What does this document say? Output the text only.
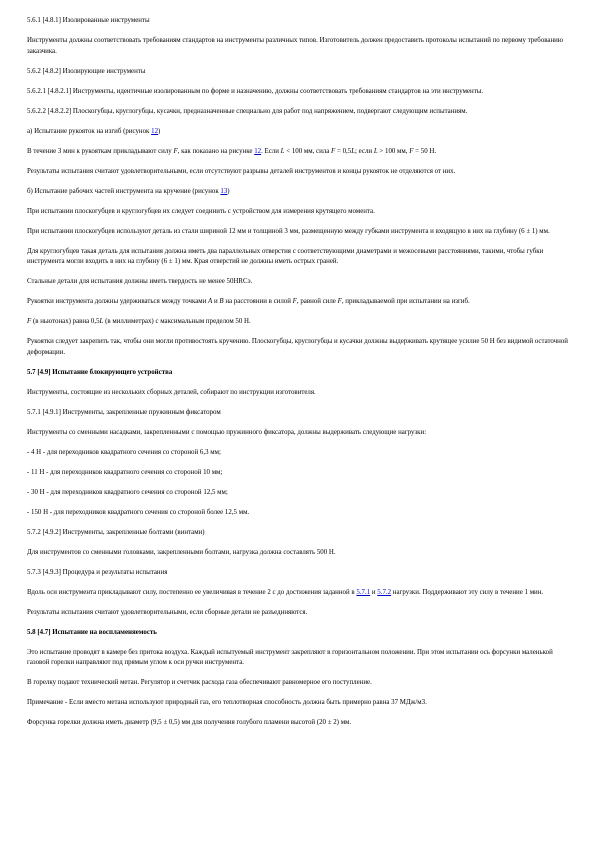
5.6.1 [4.8.1] Изолированные инструменты
Инструменты должны соответствовать требованиям стандартов на инструменты различных типов. Изготовитель должен предоставить протоколы испытаний по первому требованию заказчика.
5.6.2 [4.8.2] Изолирующие инструменты
5.6.2.1 [4.8.2.1] Инструменты, идентичные изолированным по форме и назначению, должны соответствовать требованиям стандартов на эти инструменты.
5.6.2.2 [4.8.2.2] Плоскогубцы, круглогубцы, кусачки, предназначенные специально для работ под напряжением, подвергают следующим испытаниям.
а) Испытание рукояток на изгиб (рисунок 12)
В течение 3 мин к рукояткам прикладывают силу F, как показано на рисунке 12. Если L < 100 мм, сила F = 0,5L; если L > 100 мм, F = 50 Н.
Результаты испытания считают удовлетворительными, если отсутствуют разрывы деталей инструментов и концы рукояток не отделяются от них.
б) Испытание рабочих частей инструмента на кручение (рисунок 13)
При испытании плоскогубцев и круглогубцев их следует соединить с устройством для измерения крутящего момента.
При испытании плоскогубцев используют деталь из стали шириной 12 мм и толщиной 3 мм, размещенную между губками инструмента и входящую в них на глубину (6 ± 1) мм.
Для круглогубцев такая деталь для испытания должна иметь два параллельных отверстия с соответствующими диаметрами и межосевыми расстояниями, такими, чтобы губки инструмента могли входить в них на глубину (6 ± 1) мм. Края отверстий не должны иметь острых граней.
Стальные детали для испытания должны иметь твердость не менее 50HRCэ.
Рукоятки инструмента должны удерживаться между точками A и B на расстоянии в силой F, равной силе F, прикладываемой при испытании на изгиб.
F (в ньютонах) равна 0,5L (в миллиметрах) с максимальным пределом 50 Н.
Рукоятки следует закрепить так, чтобы они могли противостоять кручению. Плоскогубцы, круглогубцы и кусачки должны выдерживать крутящее усилие 50 Н без видимой остаточной деформации.
5.7 [4.9] Испытание блокирующего устройства
Инструменты, состоящие из нескольких сборных деталей, собирают по инструкции изготовителя.
5.7.1 [4.9.1] Инструменты, закрепленные пружинным фиксатором
Инструменты со сменными насадками, закрепленными с помощью пружинного фиксатора, должны выдерживать следующие нагрузки:
- 4 Н - для переходников квадратного сечения со стороной 6,3 мм;
- 11 Н - для переходников квадратного сечения со стороной 10 мм;
- 30 Н - для переходников квадратного сечения со стороной 12,5 мм;
- 150 Н - для переходников квадратного сечения со стороной более 12,5 мм.
5.7.2 [4.9.2] Инструменты, закрепленные болтами (винтами)
Для инструментов со сменными головками, закрепленными болтами, нагрузка должна составлять 500 Н.
5.7.3 [4.9.3] Процедура и результаты испытания
Вдоль оси инструмента прикладывают силу, постепенно ее увеличивая в течение 2 с до достижения заданной в 5.7.1 и 5.7.2 нагрузки. Поддерживают эту силу в течение 1 мин.
Результаты испытания считают удовлетворительными, если сборные детали не разъединяются.
5.8 [4.7] Испытание на воспламеняемость
Это испытание проводят в камере без притока воздуха. Каждый испытуемый инструмент закрепляют в горизонтальном положении. При этом испытании ось форсунки маленькой газовой горелки направляют под прямым углом к оси ручки инструмента.
В горелку подают технический метан. Регулятор и счетчик расхода газа обеспечивают равномерное его поступление.
Примечание - Если вместо метана используют природный газ, его теплотворная способность должна быть примерно равна 37 МДж/м3.
Форсунка горелки должна иметь диаметр (9,5 ± 0,5) мм для получения голубого пламени высотой (20 ± 2) мм.
